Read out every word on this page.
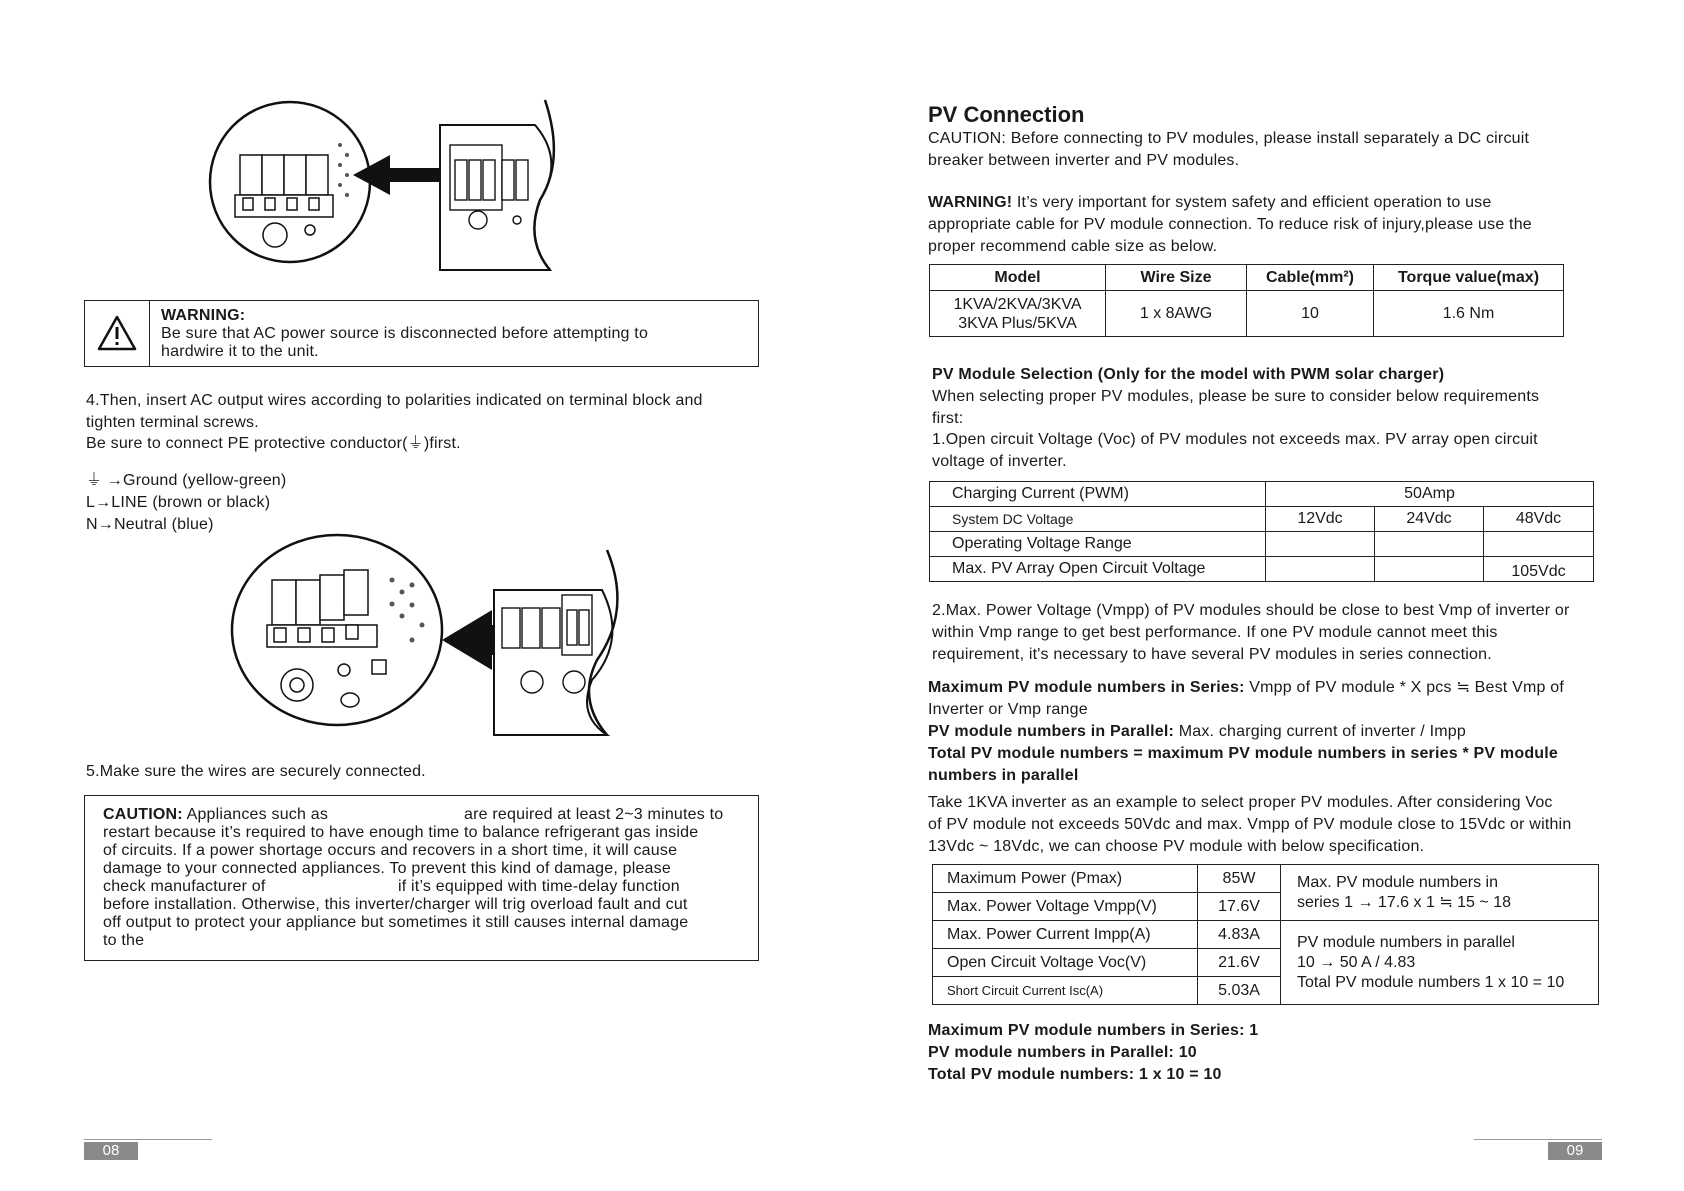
WARNING:
Be sure that AC power source is disconnected before attempting to
hardwire it to the unit.
4.Then, insert AC output wires according to polarities indicated on terminal block and
tighten terminal screws.
Be sure to connect PE protective conductor(⏚)first.
⏚ →Ground (yellow-green)
L→LINE (brown or black)
N→Neutral (blue)
5.Make sure the wires are securely connected.
CAUTION: Appliances such as	are required at least 2~3 minutes to
restart because it’s required to have enough time to balance refrigerant gas inside
of circuits. If a power shortage occurs and recovers in a short time, it will cause
damage to your connected appliances. To prevent this kind of damage, please
check manufacturer of	if it’s equipped with time-delay function
before installation. Otherwise, this inverter/charger will trig overload fault and cut
off output to protect your appliance but sometimes it still causes internal damage
to the
08
PV Connection
CAUTION: Before connecting to PV modules, please install separately a DC circuit
breaker between inverter and PV modules.
WARNING! It’s very important for system safety and efficient operation to use
appropriate cable for PV module connection. To reduce risk of injury,please use the
proper recommend cable size as below.
Model	Wire Size	Cable(mm²)	Torque value(max)

1KVA/2KVA/3KVA
3KVA Plus/5KVA	1 x 8AWG	10	1.6 Nm
PV Module Selection (Only for the model with PWM solar charger)
When selecting proper PV modules, please be sure to consider below requirements
first:
1.Open circuit Voltage (Voc) of PV modules not exceeds max. PV array open circuit
voltage of inverter.
Charging Current (PWM)	50Amp		
System DC Voltage	12Vdc	24Vdc	48Vdc
Operating Voltage Range			
Max. PV Array Open Circuit Voltage			105Vdc
2.Max. Power Voltage (Vmpp) of PV modules should be close to best Vmp of inverter or
within Vmp range to get best performance. If one PV module cannot meet this
requirement, it's necessary to have several PV modules in series connection.
Maximum PV module numbers in Series: Vmpp of PV module * X pcs ≒ Best Vmp of
Inverter or Vmp range
PV module numbers in Parallel: Max. charging current of inverter / Impp
Total PV module numbers = maximum PV module numbers in series * PV module
numbers in parallel
Take 1KVA inverter as an example to select proper PV modules. After considering Voc
of PV module not exceeds 50Vdc and max. Vmpp of PV module close to 15Vdc or within
13Vdc ~ 18Vdc, we can choose PV module with below specification.
Maximum Power (Pmax)	85W	Max. PV module numbers in
series 1 → 17.6 x 1 ≒ 15 ~ 18

Max. Power Voltage Vmpp(V)	17.6V	
Max. Power Current Impp(A)	4.83A	PV module numbers in parallel
10 → 50 A / 4.83
Total PV module numbers 1 x 10 = 10

Open Circuit Voltage Voc(V)	21.6V	
Short Circuit Current Isc(A)	5.03A	
Maximum PV module numbers in Series: 1
PV module numbers in Parallel: 10
Total PV module numbers: 1 x 10 = 10
09
